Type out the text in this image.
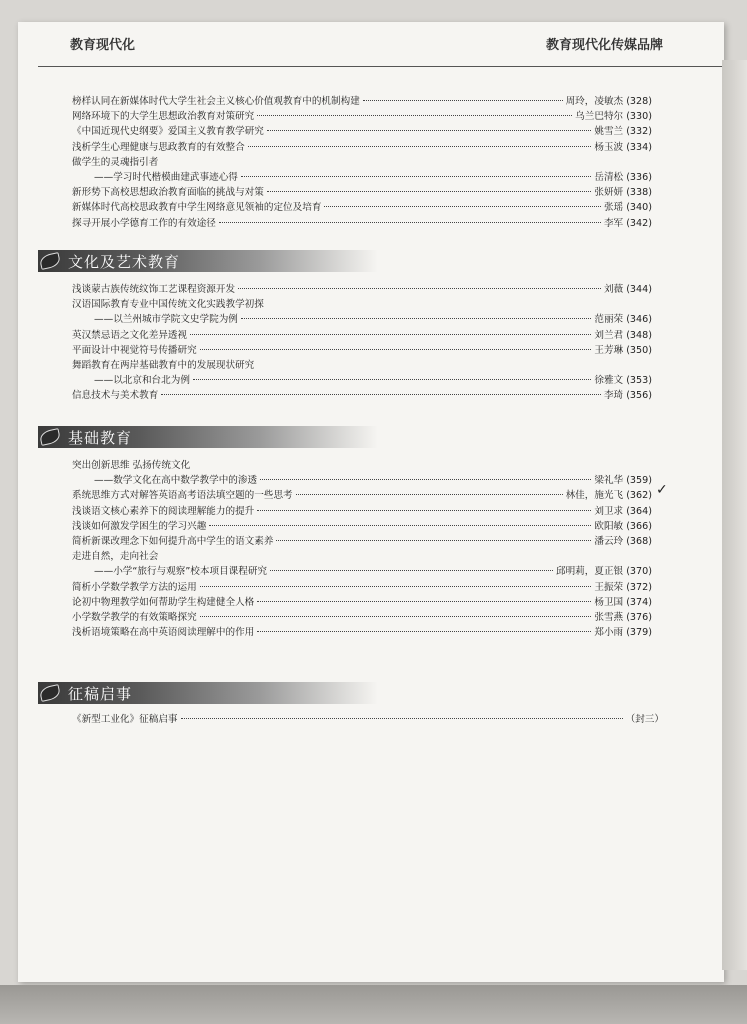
教育现代化	教育现代化传媒品牌
榜样认同在新媒体时代大学生社会主义核心价值观教育中的机制构建	周玲，凌敏杰 (328)
网络环境下的大学生思想政治教育对策研究	乌兰巴特尔 (330)
《中国近现代史纲要》爱国主义教育教学研究	姚雪兰 (332)
浅析学生心理健康与思政教育的有效整合	杨玉波 (334)
做学生的灵魂指引者
——学习时代楷模曲建武事迹心得	岳清松 (336)
新形势下高校思想政治教育面临的挑战与对策	张妍妍 (338)
新媒体时代高校思政教育中学生网络意见领袖的定位及培育	张瑶 (340)
探寻开展小学德育工作的有效途径	李军 (342)
文化及艺术教育
浅谈蒙古族传统纹饰工艺课程资源开发	刘薇 (344)
汉语国际教育专业中国传统文化实践教学初探
——以兰州城市学院文史学院为例	范丽荣 (346)
英汉禁忌语之文化差异透视	刘兰君 (348)
平面设计中视觉符号传播研究	王芳琳 (350)
舞蹈教育在两岸基础教育中的发展现状研究
——以北京和台北为例	徐雅文 (353)
信息技术与美术教育	李琦 (356)
基础教育
突出创新思维 弘扬传统文化
——数学文化在高中数学教学中的渗透	梁礼华 (359)
系统思维方式对解答英语高考语法填空题的一些思考	林佳，施光飞 (362)
浅谈语文核心素养下的阅读理解能力的提升	刘卫求 (364)
浅谈如何激发学困生的学习兴趣	欧阳敏 (366)
简析新课改理念下如何提升高中学生的语文素养	潘云玲 (368)
走进自然，走向社会
——小学“旅行与观察”校本项目课程研究	邱明莉，夏正银 (370)
简析小学数学教学方法的运用	王振荣 (372)
论初中物理教学如何帮助学生构建健全人格	杨卫国 (374)
小学数学教学的有效策略探究	张雪燕 (376)
浅析语境策略在高中英语阅读理解中的作用	郑小雨 (379)
✓
征稿启事
《新型工业化》征稿启事	（封三）
